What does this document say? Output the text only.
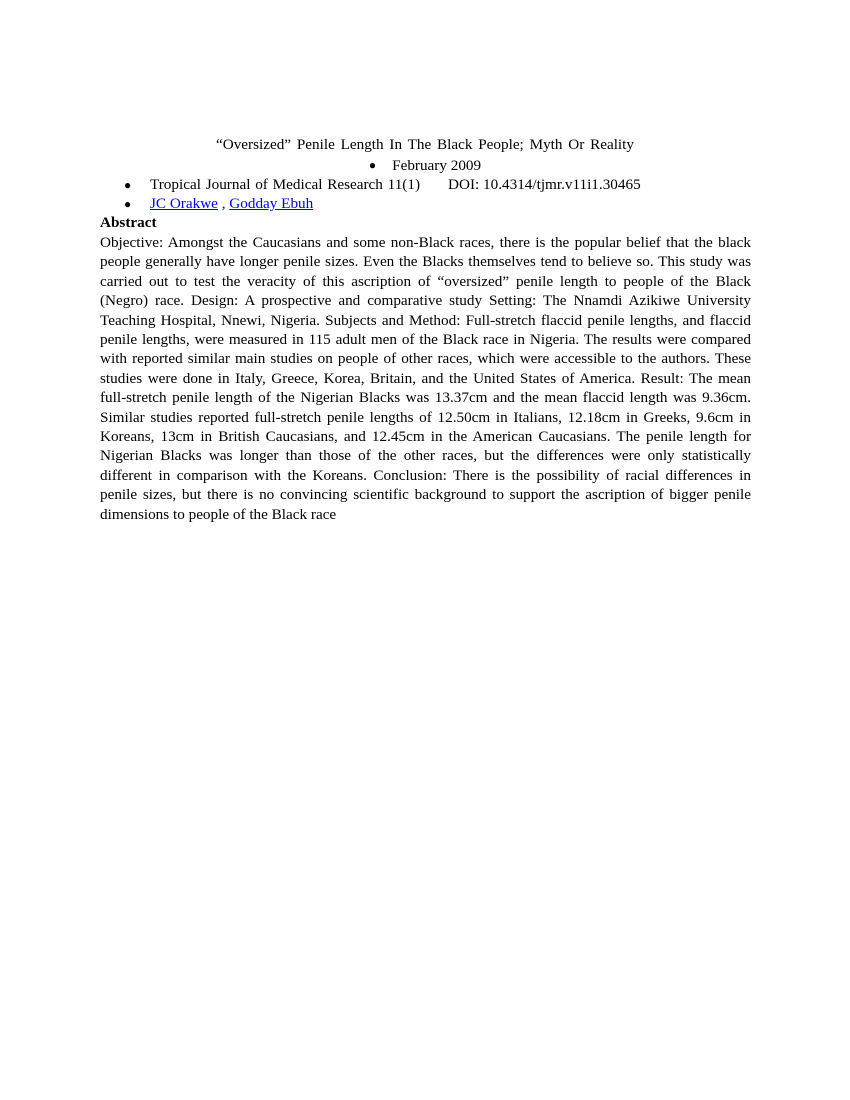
“Oversized” Penile Length In The Black People; Myth Or Reality
● February 2009
● Tropical Journal of Medical Research 11(1) DOI: 10.4314/tjmr.v11i1.30465
● JC Orakwe , Godday Ebuh
Abstract
Objective: Amongst the Caucasians and some non-Black races, there is the popular belief that the black people generally have longer penile sizes. Even the Blacks themselves tend to believe so. This study was carried out to test the veracity of this ascription of “oversized” penile length to people of the Black (Negro) race. Design: A prospective and comparative study Setting: The Nnamdi Azikiwe University Teaching Hospital, Nnewi, Nigeria. Subjects and Method: Full-stretch flaccid penile lengths, and flaccid penile lengths, were measured in 115 adult men of the Black race in Nigeria. The results were compared with reported similar main studies on people of other races, which were accessible to the authors. These studies were done in Italy, Greece, Korea, Britain, and the United States of America. Result: The mean full-stretch penile length of the Nigerian Blacks was 13.37cm and the mean flaccid length was 9.36cm. Similar studies reported full-stretch penile lengths of 12.50cm in Italians, 12.18cm in Greeks, 9.6cm in Koreans, 13cm in British Caucasians, and 12.45cm in the American Caucasians. The penile length for Nigerian Blacks was longer than those of the other races, but the differences were only statistically different in comparison with the Koreans. Conclusion: There is the possibility of racial differences in penile sizes, but there is no convincing scientific background to support the ascription of bigger penile dimensions to people of the Black race
